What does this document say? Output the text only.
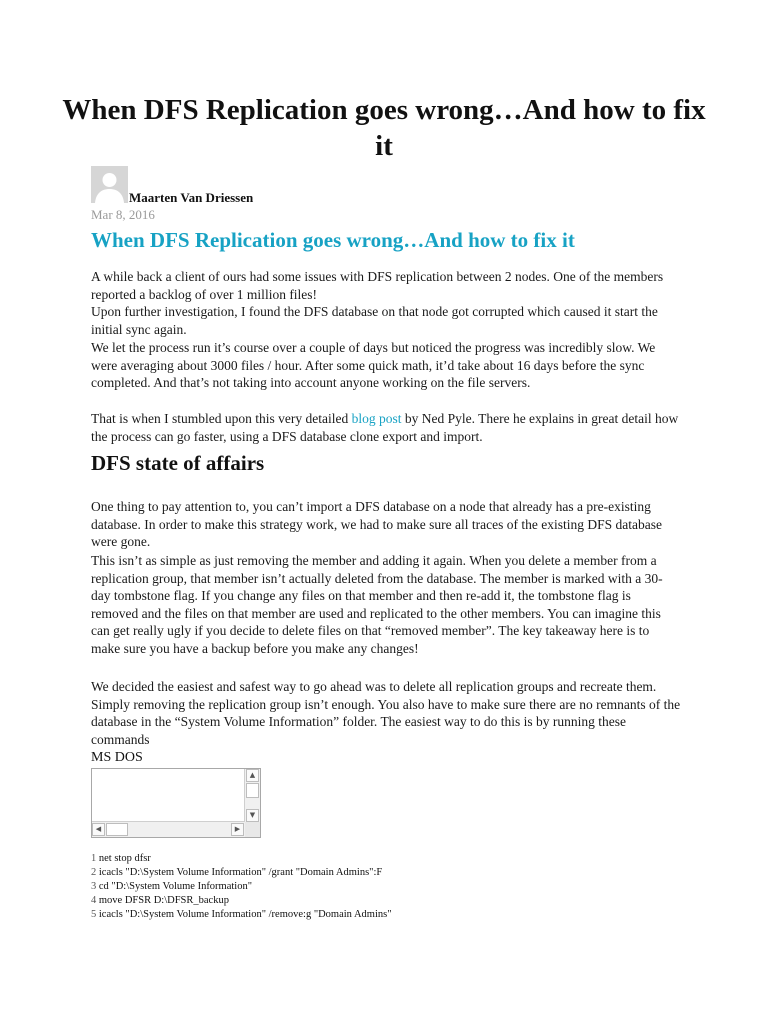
When DFS Replication goes wrong…And how to fix it
Maarten Van Driessen
Mar 8, 2016
When DFS Replication goes wrong…And how to fix it

A while back a client of ours had some issues with DFS replication between 2 nodes. One of the members reported a backlog of over 1 million files!

Upon further investigation, I found the DFS database on that node got corrupted which caused it start the initial sync again.

We let the process run it’s course over a couple of days but noticed the progress was incredibly slow. We were averaging about 3000 files / hour. After some quick math, it’d take about 16 days before the sync completed. And that’s not taking into account anyone working on the file servers.

That is when I stumbled upon this very detailed blog post by Ned Pyle. There he explains in great detail how the process can go faster, using a DFS database clone export and import.

DFS state of affairs

One thing to pay attention to, you can’t import a DFS database on a node that already has a pre-existing database. In order to make this strategy work, we had to make sure all traces of the existing DFS database were gone.

This isn’t as simple as just removing the member and adding it again. When you delete a member from a replication group, that member isn’t actually deleted from the database. The member is marked with a 30-day tombstone flag. If you change any files on that member and then re-add it, the tombstone flag is removed and the files on that member are used and replicated to the other members. You can imagine this can get really ugly if you decide to delete files on that “removed member”. The key takeaway here is to make sure you have a backup before you make any changes!

We decided the easiest and safest way to go ahead was to delete all replication groups and recreate them. Simply removing the replication group isn’t enough. You also have to make sure there are no remnants of the database in the “System Volume Information” folder. The easiest way to do this is by running these commands

MS DOS
▲
▼
◀	▶
1 net stop dfsr
2 icacls "D:\System Volume Information" /grant "Domain Admins":F
3 cd "D:\System Volume Information"
4 move DFSR D:\DFSR_backup
5 icacls "D:\System Volume Information" /remove:g "Domain Admins"
